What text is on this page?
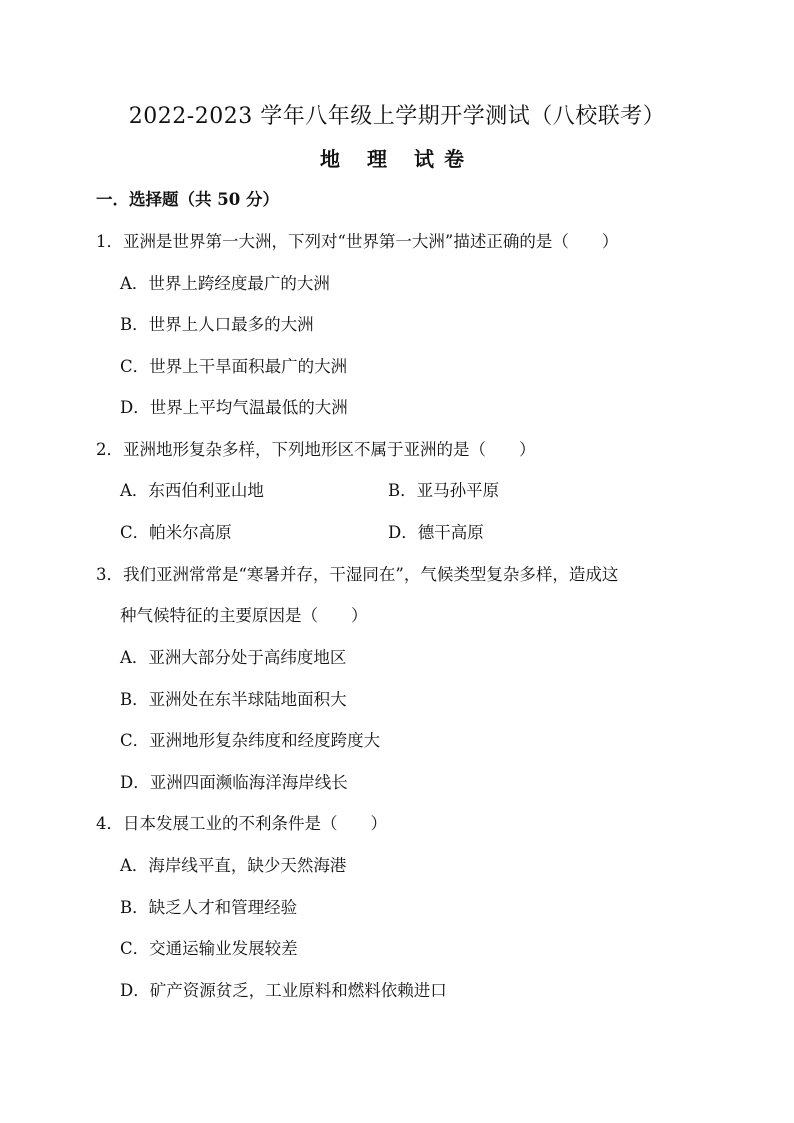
2022-2023 学年八年级上学期开学测试（八校联考）
地 理 试卷
一．选择题（共 50 分）
1．亚洲是世界第一大洲，下列对“世界第一大洲”描述正确的是（　　）
A．世界上跨经度最广的大洲
B．世界上人口最多的大洲
C．世界上干旱面积最广的大洲
D．世界上平均气温最低的大洲
2．亚洲地形复杂多样，下列地形区不属于亚洲的是（　　）
A．东西伯利亚山地	B．亚马孙平原
C．帕米尔高原	D．德干高原
3．我们亚洲常常是“寒暑并存，干湿同在”，气候类型复杂多样，造成这
种气候特征的主要原因是（　　）
A．亚洲大部分处于高纬度地区
B．亚洲处在东半球陆地面积大
C．亚洲地形复杂纬度和经度跨度大
D．亚洲四面濒临海洋海岸线长
4．日本发展工业的不利条件是（　　）
A．海岸线平直，缺少天然海港
B．缺乏人才和管理经验
C．交通运输业发展较差
D．矿产资源贫乏，工业原料和燃料依赖进口
